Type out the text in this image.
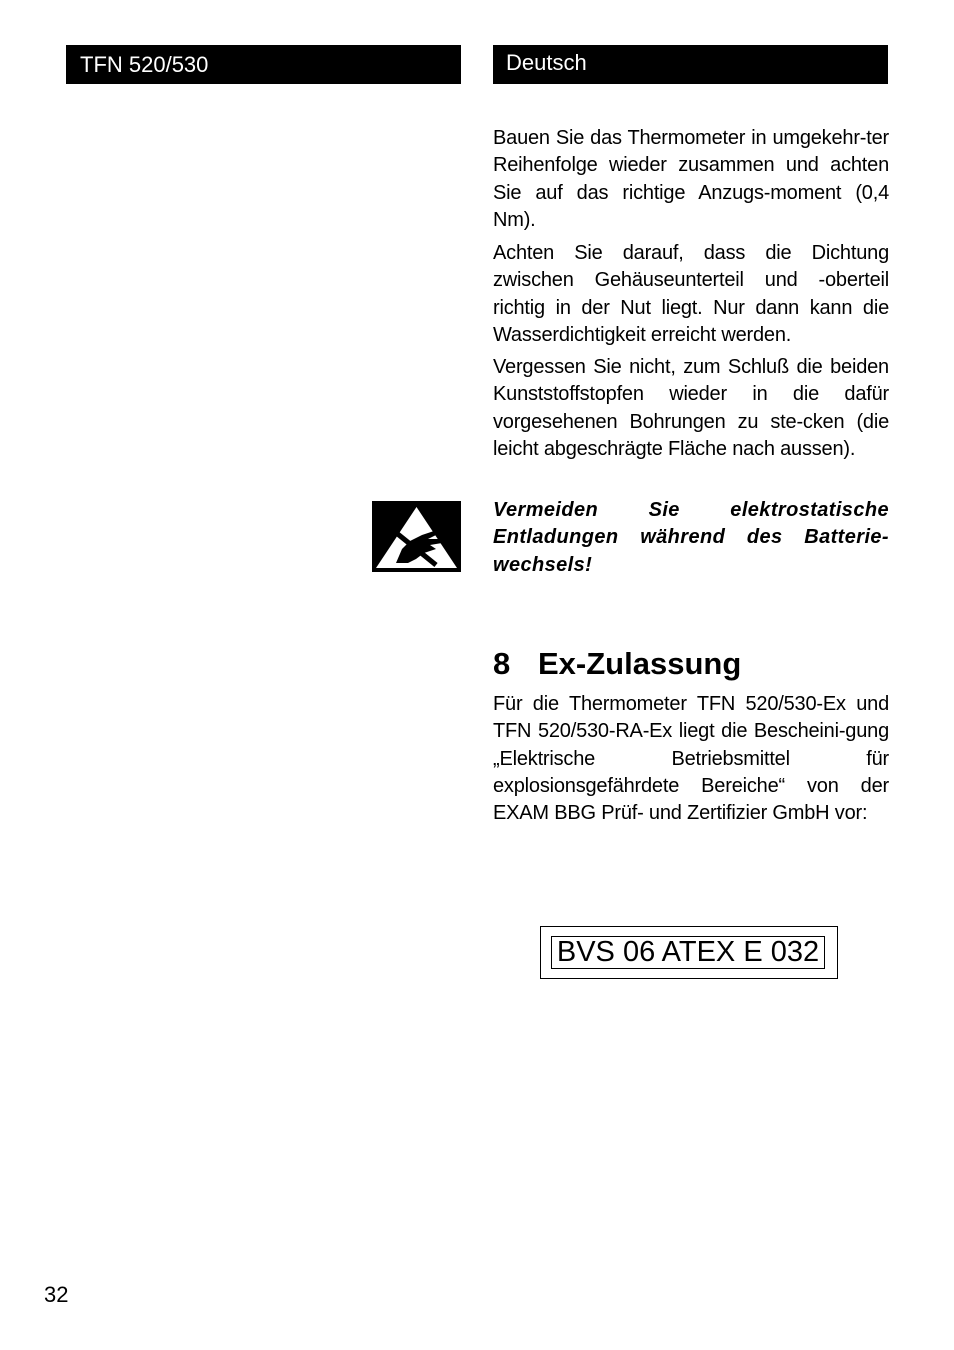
TFN 520/530	Deutsch

Bauen Sie das Thermometer in umgekehr-ter Reihenfolge wieder zusammen und achten Sie auf das richtige Anzugs-moment (0,4 Nm).

Achten Sie darauf, dass die Dichtung zwischen Gehäuseunterteil und -oberteil richtig in der Nut liegt. Nur dann kann die Wasserdichtigkeit erreicht werden.

Vergessen Sie nicht, zum Schluß die beiden Kunststoffstopfen wieder in die dafür vorgesehenen Bohrungen zu ste-cken (die leicht abgeschrägte Fläche nach aussen).

Vermeiden Sie elektrostatische Entladungen während des Batterie-wechsels!

8 Ex-Zulassung

Für die Thermometer TFN 520/530-Ex und TFN 520/530-RA-Ex liegt die Bescheini-gung „Elektrische Betriebsmittel für explosionsgefährdete Bereiche“ von der EXAM BBG Prüf- und Zertifizier GmbH vor:

BVS 06 ATEX E 032
32
